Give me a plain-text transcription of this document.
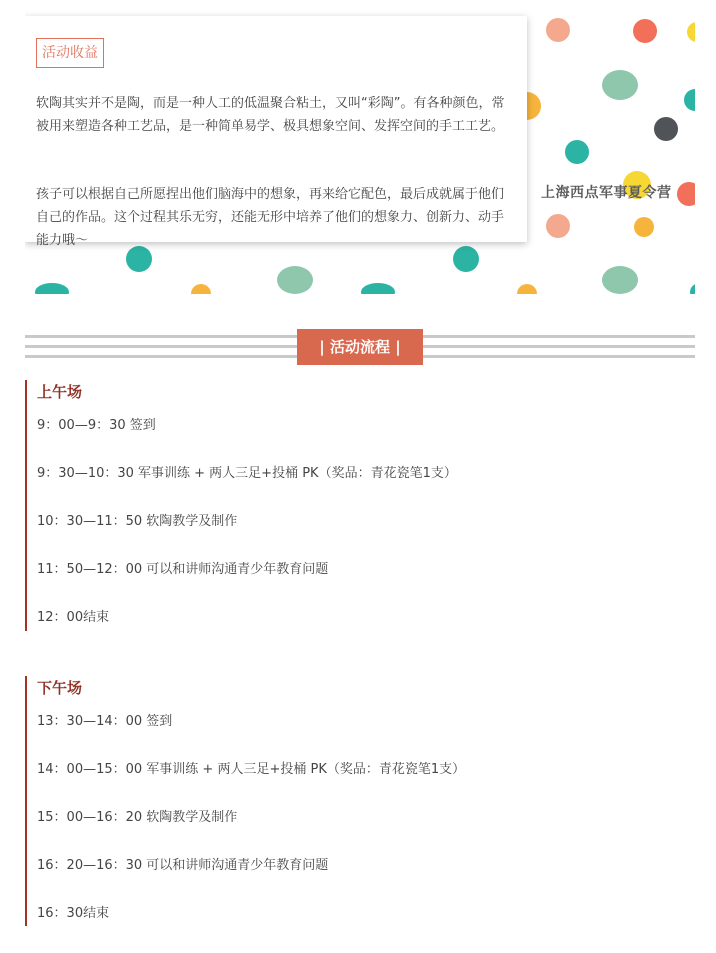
上海西点军事夏令营
活动收益

软陶其实并不是陶，而是一种人工的低温聚合粘土，又叫“彩陶”。有各种颜色，常被用来塑造各种工艺品，是一种简单易学、极具想象空间、发挥空间的手工工艺。

孩子可以根据自己所愿捏出他们脑海中的想象，再来给它配色，最后成就属于他们自己的作品。这个过程其乐无穷，还能无形中培养了他们的想象力、创新力、动手能力哦～

| 活动流程 |
上午场
9：00—9：30 签到
9：30—10：30 军事训练 + 两人三足+投桶 PK（奖品：青花瓷笔1支）
10：30—11：50 软陶教学及制作
11：50—12：00 可以和讲师沟通青少年教育问题
12：00结束
下午场
13：30—14：00 签到
14：00—15：00 军事训练 + 两人三足+投桶 PK（奖品：青花瓷笔1支）
15：00—16：20 软陶教学及制作
16：20—16：30 可以和讲师沟通青少年教育问题
16：30结束
